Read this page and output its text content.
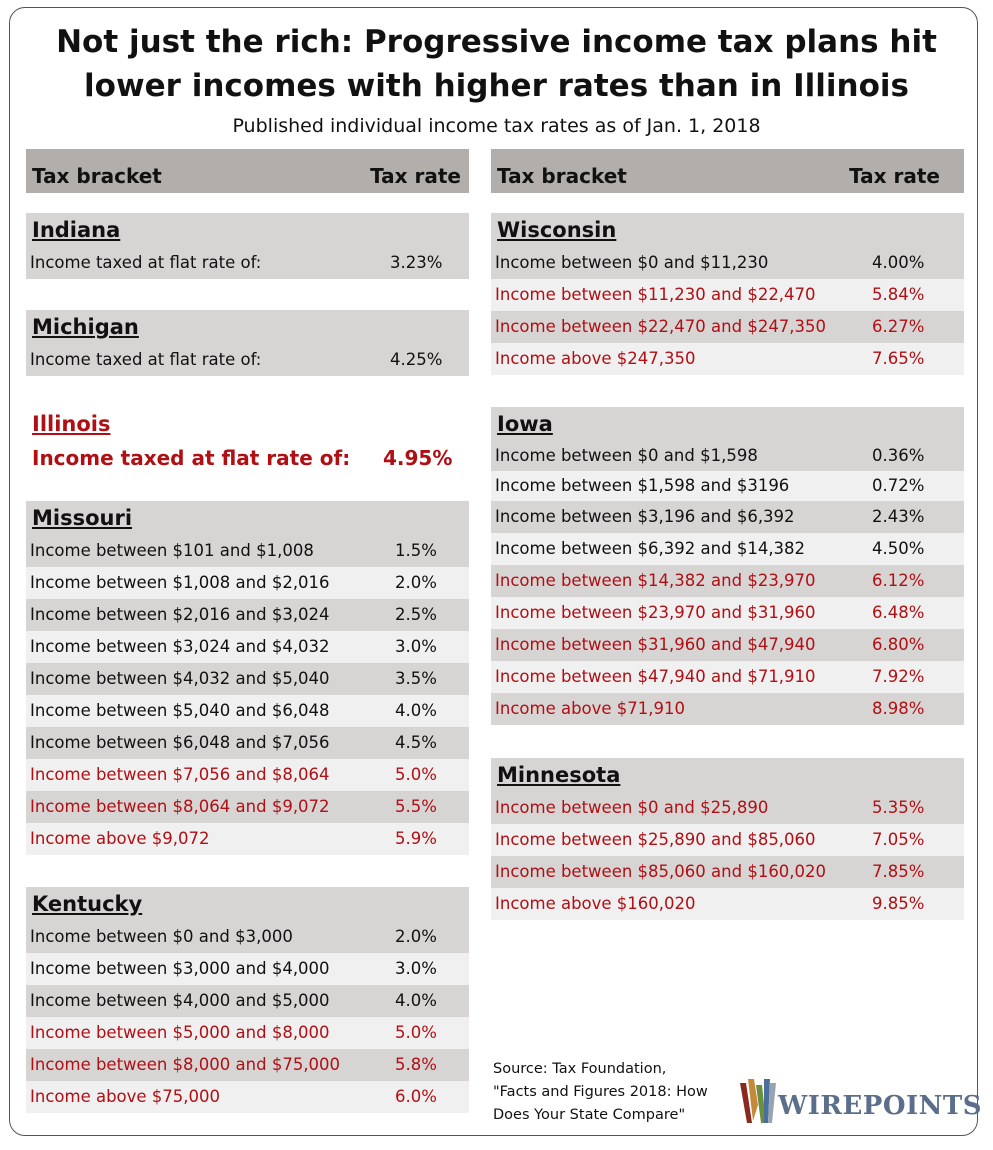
Not just the rich: Progressive income tax plans hit
lower incomes with higher rates than in Illinois
Published individual income tax rates as of Jan. 1, 2018
Tax bracket	Tax rate Tax bracket	Tax rate
Indiana
Income taxed at flat rate of:	3.23%
Michigan
Income taxed at flat rate of:	4.25%
Illinois
Income taxed at flat rate of: 4.95%
Missouri
Income between $101 and $1,008	1.5%
Income between $1,008 and $2,016	2.0%
Income between $2,016 and $3,024	2.5%
Income between $3,024 and $4,032	3.0%
Income between $4,032 and $5,040	3.5%
Income between $5,040 and $6,048	4.0%
Income between $6,048 and $7,056	4.5%
Income between $7,056 and $8,064	5.0%
Income between $8,064 and $9,072	5.5%
Income above $9,072	5.9%
Kentucky
Income between $0 and $3,000	2.0%
Income between $3,000 and $4,000	3.0%
Income between $4,000 and $5,000	4.0%
Income between $5,000 and $8,000	5.0%
Income between $8,000 and $75,000	5.8%
Income above $75,000	6.0%
Wisconsin
Income between $0 and $11,230	4.00%
Income between $11,230 and $22,470	5.84%
Income between $22,470 and $247,350	6.27%
Income above $247,350	7.65%
Iowa
Income between $0 and $1,598	0.36%
Income between $1,598 and $3196	0.72%
Income between $3,196 and $6,392	2.43%
Income between $6,392 and $14,382	4.50%
Income between $14,382 and $23,970	6.12%
Income between $23,970 and $31,960	6.48%
Income between $31,960 and $47,940	6.80%
Income between $47,940 and $71,910	7.92%
Income above $71,910	8.98%
Minnesota
Income between $0 and $25,890	5.35%
Income between $25,890 and $85,060	7.05%
Income between $85,060 and $160,020	7.85%
Income above $160,020	9.85%
Source: Tax Foundation,
"Facts and Figures 2018: How
Does Your State Compare"	WIREPOINTS
